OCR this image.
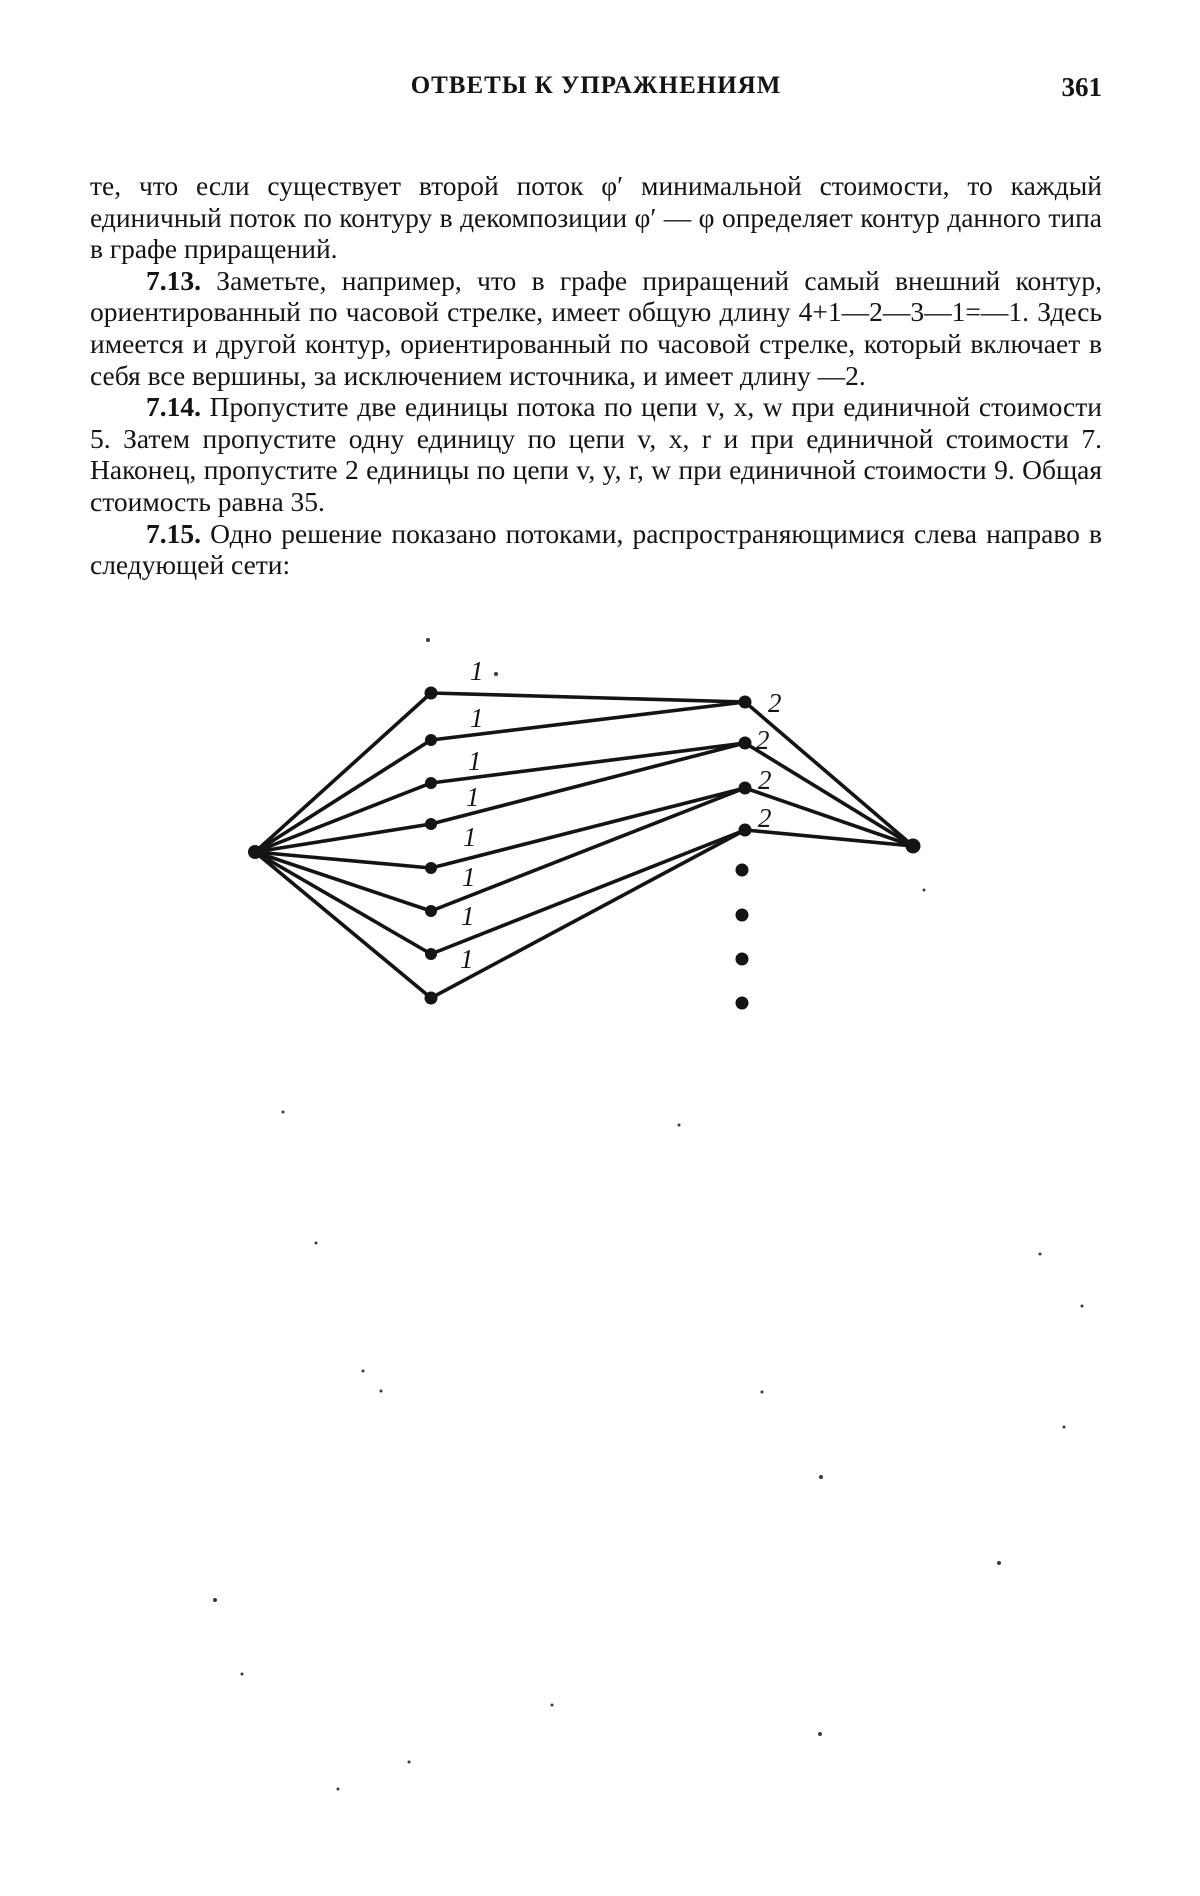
ОТВЕТЫ К УПРАЖНЕНИЯМ	361

те, что если существует второй поток φ′ минимальной стоимости, то каждый единичный поток по контуру в декомпозиции φ′ — φ определяет контур данного типа в графе приращений.

7.13. Заметьте, например, что в графе приращений самый внешний контур, ориентированный по часовой стрелке, имеет общую длину 4+1—2—3—1=—1. Здесь имеется и другой контур, ориентированный по часовой стрелке, который включает в себя все вершины, за исключением источника, и имеет длину —2.

7.14. Пропустите две единицы потока по цепи v, x, w при единичной стоимости 5. Затем пропустите одну единицу по цепи v, x, r и при единичной стоимости 7. Наконец, пропустите 2 единицы по цепи v, y, r, w при единичной стоимости 9. Общая стоимость равна 35.

7.15. Одно решение показано потоками, распространяющимися слева направо в следующей сети:

1
1
1
1
1
1
1
1
2
2
2
2
